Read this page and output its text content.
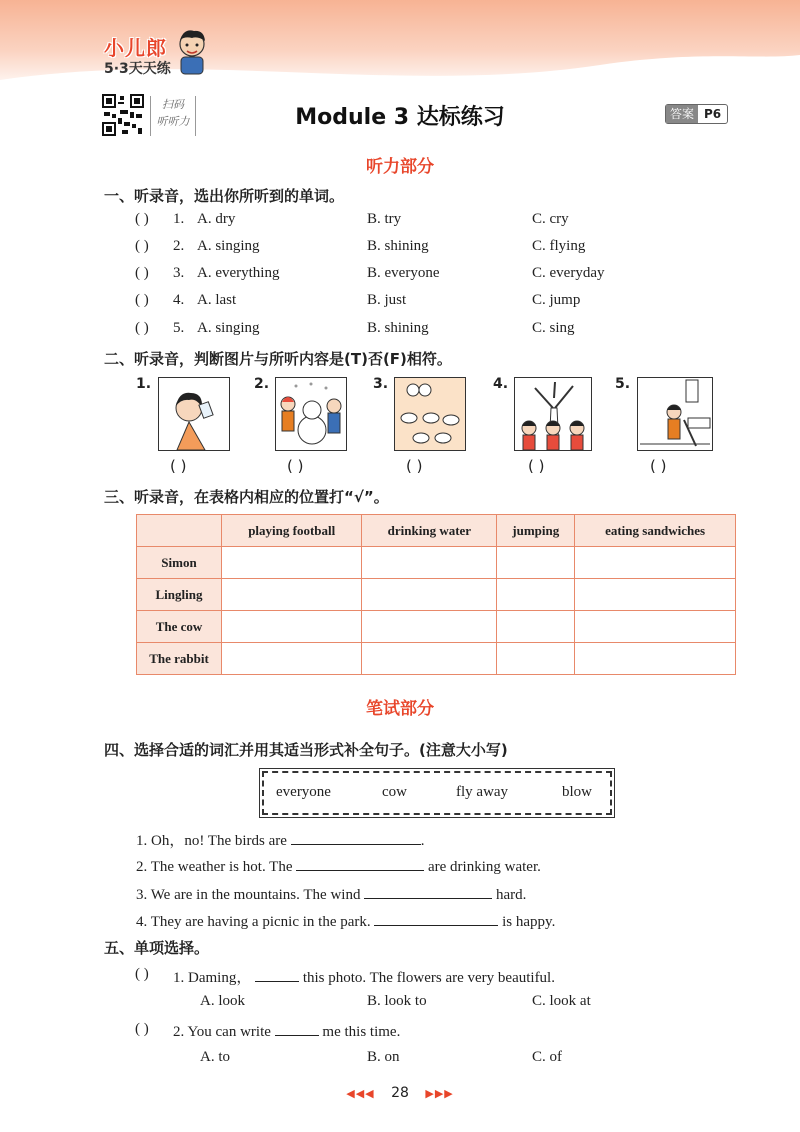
小儿郎
5·3天天练
扫码
听听力	Module 3 达标练习	答案 P6
听力部分
一、听录音，选出你所听到的单词。
( ) 1. A. dry	B. try	C. cry
( ) 2. A. singing	B. shining	C. flying
( ) 3. A. everything	B. everyone	C. everyday
( ) 4. A. last	B. just	C. jump
( ) 5. A. singing	B. shining	C. sing
二、听录音，判断图片与所听内容是(T)否(F)相符。
1.
( )
2.
( )
3.
( )
4.
( )
5.
( )
三、听录音，在表格内相应的位置打“√”。
	playing football	drinking water	jumping	eating sandwiches
Simon				
Lingling				
The cow				
The rabbit				
笔试部分
四、选择合适的词汇并用其适当形式补全句子。(注意大小写)
everyone	cow	fly away	blow
1. Oh，no! The birds are	.
2. The weather is hot. The	are drinking water.
3. We are in the mountains. The wind	hard.
4. They are having a picnic in the park.	is happy.
五、单项选择。
( ) 1. Daming，	this photo. The flowers are very beautiful.
A. look	B. look to	C. look at
( ) 2. You can write	me this time.
A. to	B. on	C. of
◀◀◀ 28 ▶▶▶
